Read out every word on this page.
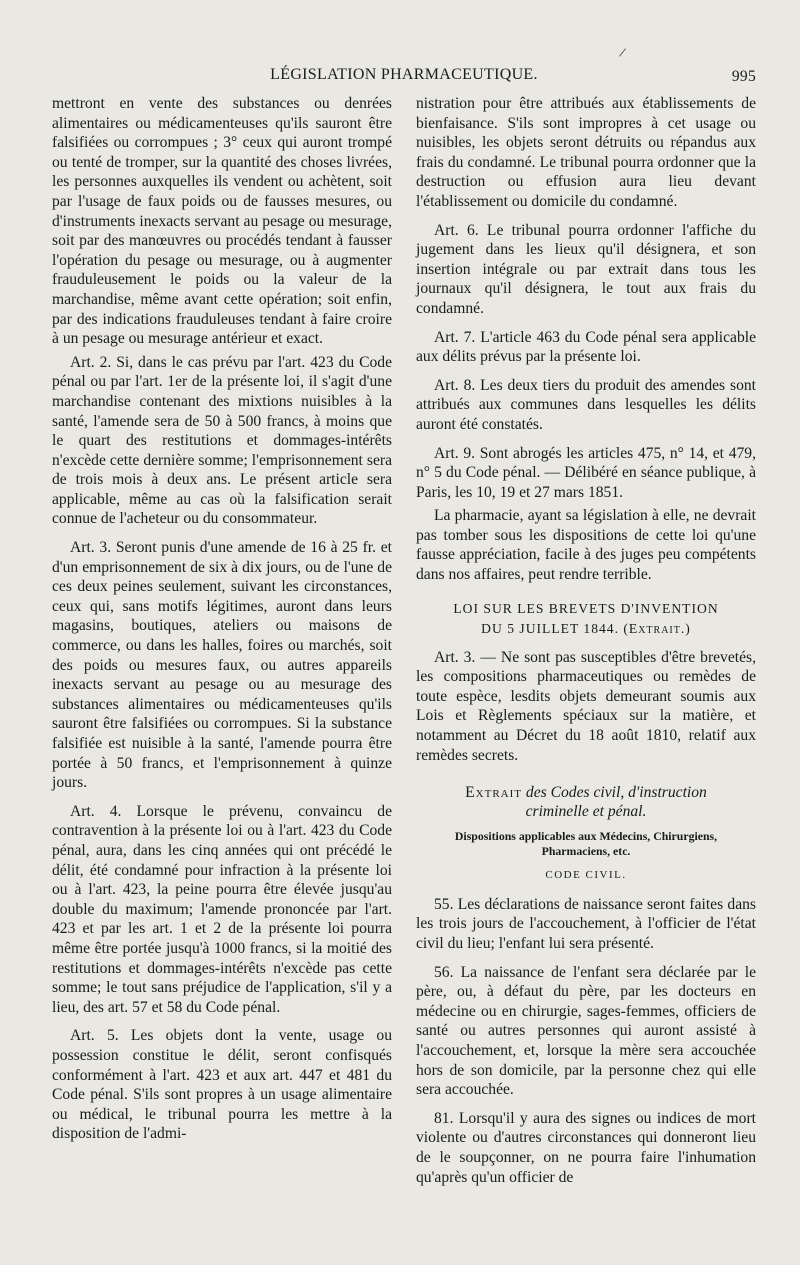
/
LÉGISLATION PHARMACEUTIQUE.	995

mettront en vente des substances ou denrées alimentaires ou médicamenteuses qu'ils sauront être falsifiées ou corrompues ; 3° ceux qui auront trompé ou tenté de tromper, sur la quantité des choses livrées, les personnes auxquelles ils vendent ou achètent, soit par l'usage de faux poids ou de fausses mesures, ou d'instruments inexacts servant au pesage ou mesurage, soit par des manœuvres ou procédés tendant à fausser l'opération du pesage ou mesurage, ou à augmenter frauduleusement le poids ou la valeur de la marchandise, même avant cette opération; soit enfin, par des indications frauduleuses tendant à faire croire à un pesage ou mesurage antérieur et exact.

Art. 2. Si, dans le cas prévu par l'art. 423 du Code pénal ou par l'art. 1er de la présente loi, il s'agit d'une marchandise contenant des mixtions nuisibles à la santé, l'amende sera de 50 à 500 francs, à moins que le quart des restitutions et dommages-intérêts n'excède cette dernière somme; l'emprisonnement sera de trois mois à deux ans. Le présent article sera applicable, même au cas où la falsification serait connue de l'acheteur ou du consommateur.

Art. 3. Seront punis d'une amende de 16 à 25 fr. et d'un emprisonnement de six à dix jours, ou de l'une de ces deux peines seulement, suivant les circonstances, ceux qui, sans motifs légitimes, auront dans leurs magasins, boutiques, ateliers ou maisons de commerce, ou dans les halles, foires ou marchés, soit des poids ou mesures faux, ou autres appareils inexacts servant au pesage ou au mesurage des substances alimentaires ou médicamenteuses qu'ils sauront être falsifiées ou corrompues. Si la substance falsifiée est nuisible à la santé, l'amende pourra être portée à 50 francs, et l'emprisonnement à quinze jours.

Art. 4. Lorsque le prévenu, convaincu de contravention à la présente loi ou à l'art. 423 du Code pénal, aura, dans les cinq années qui ont précédé le délit, été condamné pour infraction à la présente loi ou à l'art. 423, la peine pourra être élevée jusqu'au double du maximum; l'amende prononcée par l'art. 423 et par les art. 1 et 2 de la présente loi pourra même être portée jusqu'à 1000 francs, si la moitié des restitutions et dommages-intérêts n'excède pas cette somme; le tout sans préjudice de l'application, s'il y a lieu, des art. 57 et 58 du Code pénal.

Art. 5. Les objets dont la vente, usage ou possession constitue le délit, seront confisqués conformément à l'art. 423 et aux art. 447 et 481 du Code pénal. S'ils sont propres à un usage alimentaire ou médical, le tribunal pourra les mettre à la disposition de l'admi-

nistration pour être attribués aux établissements de bienfaisance. S'ils sont impropres à cet usage ou nuisibles, les objets seront détruits ou répandus aux frais du condamné. Le tribunal pourra ordonner que la destruction ou effusion aura lieu devant l'établissement ou domicile du condamné.

Art. 6. Le tribunal pourra ordonner l'affiche du jugement dans les lieux qu'il désignera, et son insertion intégrale ou par extrait dans tous les journaux qu'il désignera, le tout aux frais du condamné.

Art. 7. L'article 463 du Code pénal sera applicable aux délits prévus par la présente loi.

Art. 8. Les deux tiers du produit des amendes sont attribués aux communes dans lesquelles les délits auront été constatés.

Art. 9. Sont abrogés les articles 475, n° 14, et 479, n° 5 du Code pénal. — Délibéré en séance publique, à Paris, les 10, 19 et 27 mars 1851.

La pharmacie, ayant sa législation à elle, ne devrait pas tomber sous les dispositions de cette loi qu'une fausse appréciation, facile à des juges peu compétents dans nos affaires, peut rendre terrible.

LOI SUR LES BREVETS D'INVENTION
DU 5 JUILLET 1844. (Extrait.)

Art. 3. — Ne sont pas susceptibles d'être brevetés, les compositions pharmaceutiques ou remèdes de toute espèce, lesdits objets demeurant soumis aux Lois et Règlements spéciaux sur la matière, et notamment au Décret du 18 août 1810, relatif aux remèdes secrets.

Extrait des Codes civil, d'instruction
criminelle et pénal.

Dispositions applicables aux Médecins, Chirurgiens,
Pharmaciens, etc.

CODE CIVIL.

55. Les déclarations de naissance seront faites dans les trois jours de l'accouchement, à l'officier de l'état civil du lieu; l'enfant lui sera présenté.

56. La naissance de l'enfant sera déclarée par le père, ou, à défaut du père, par les docteurs en médecine ou en chirurgie, sages-femmes, officiers de santé ou autres personnes qui auront assisté à l'accouchement, et, lorsque la mère sera accouchée hors de son domicile, par la personne chez qui elle sera accouchée.

81. Lorsqu'il y aura des signes ou indices de mort violente ou d'autres circonstances qui donneront lieu de le soupçonner, on ne pourra faire l'inhumation qu'après qu'un officier de
